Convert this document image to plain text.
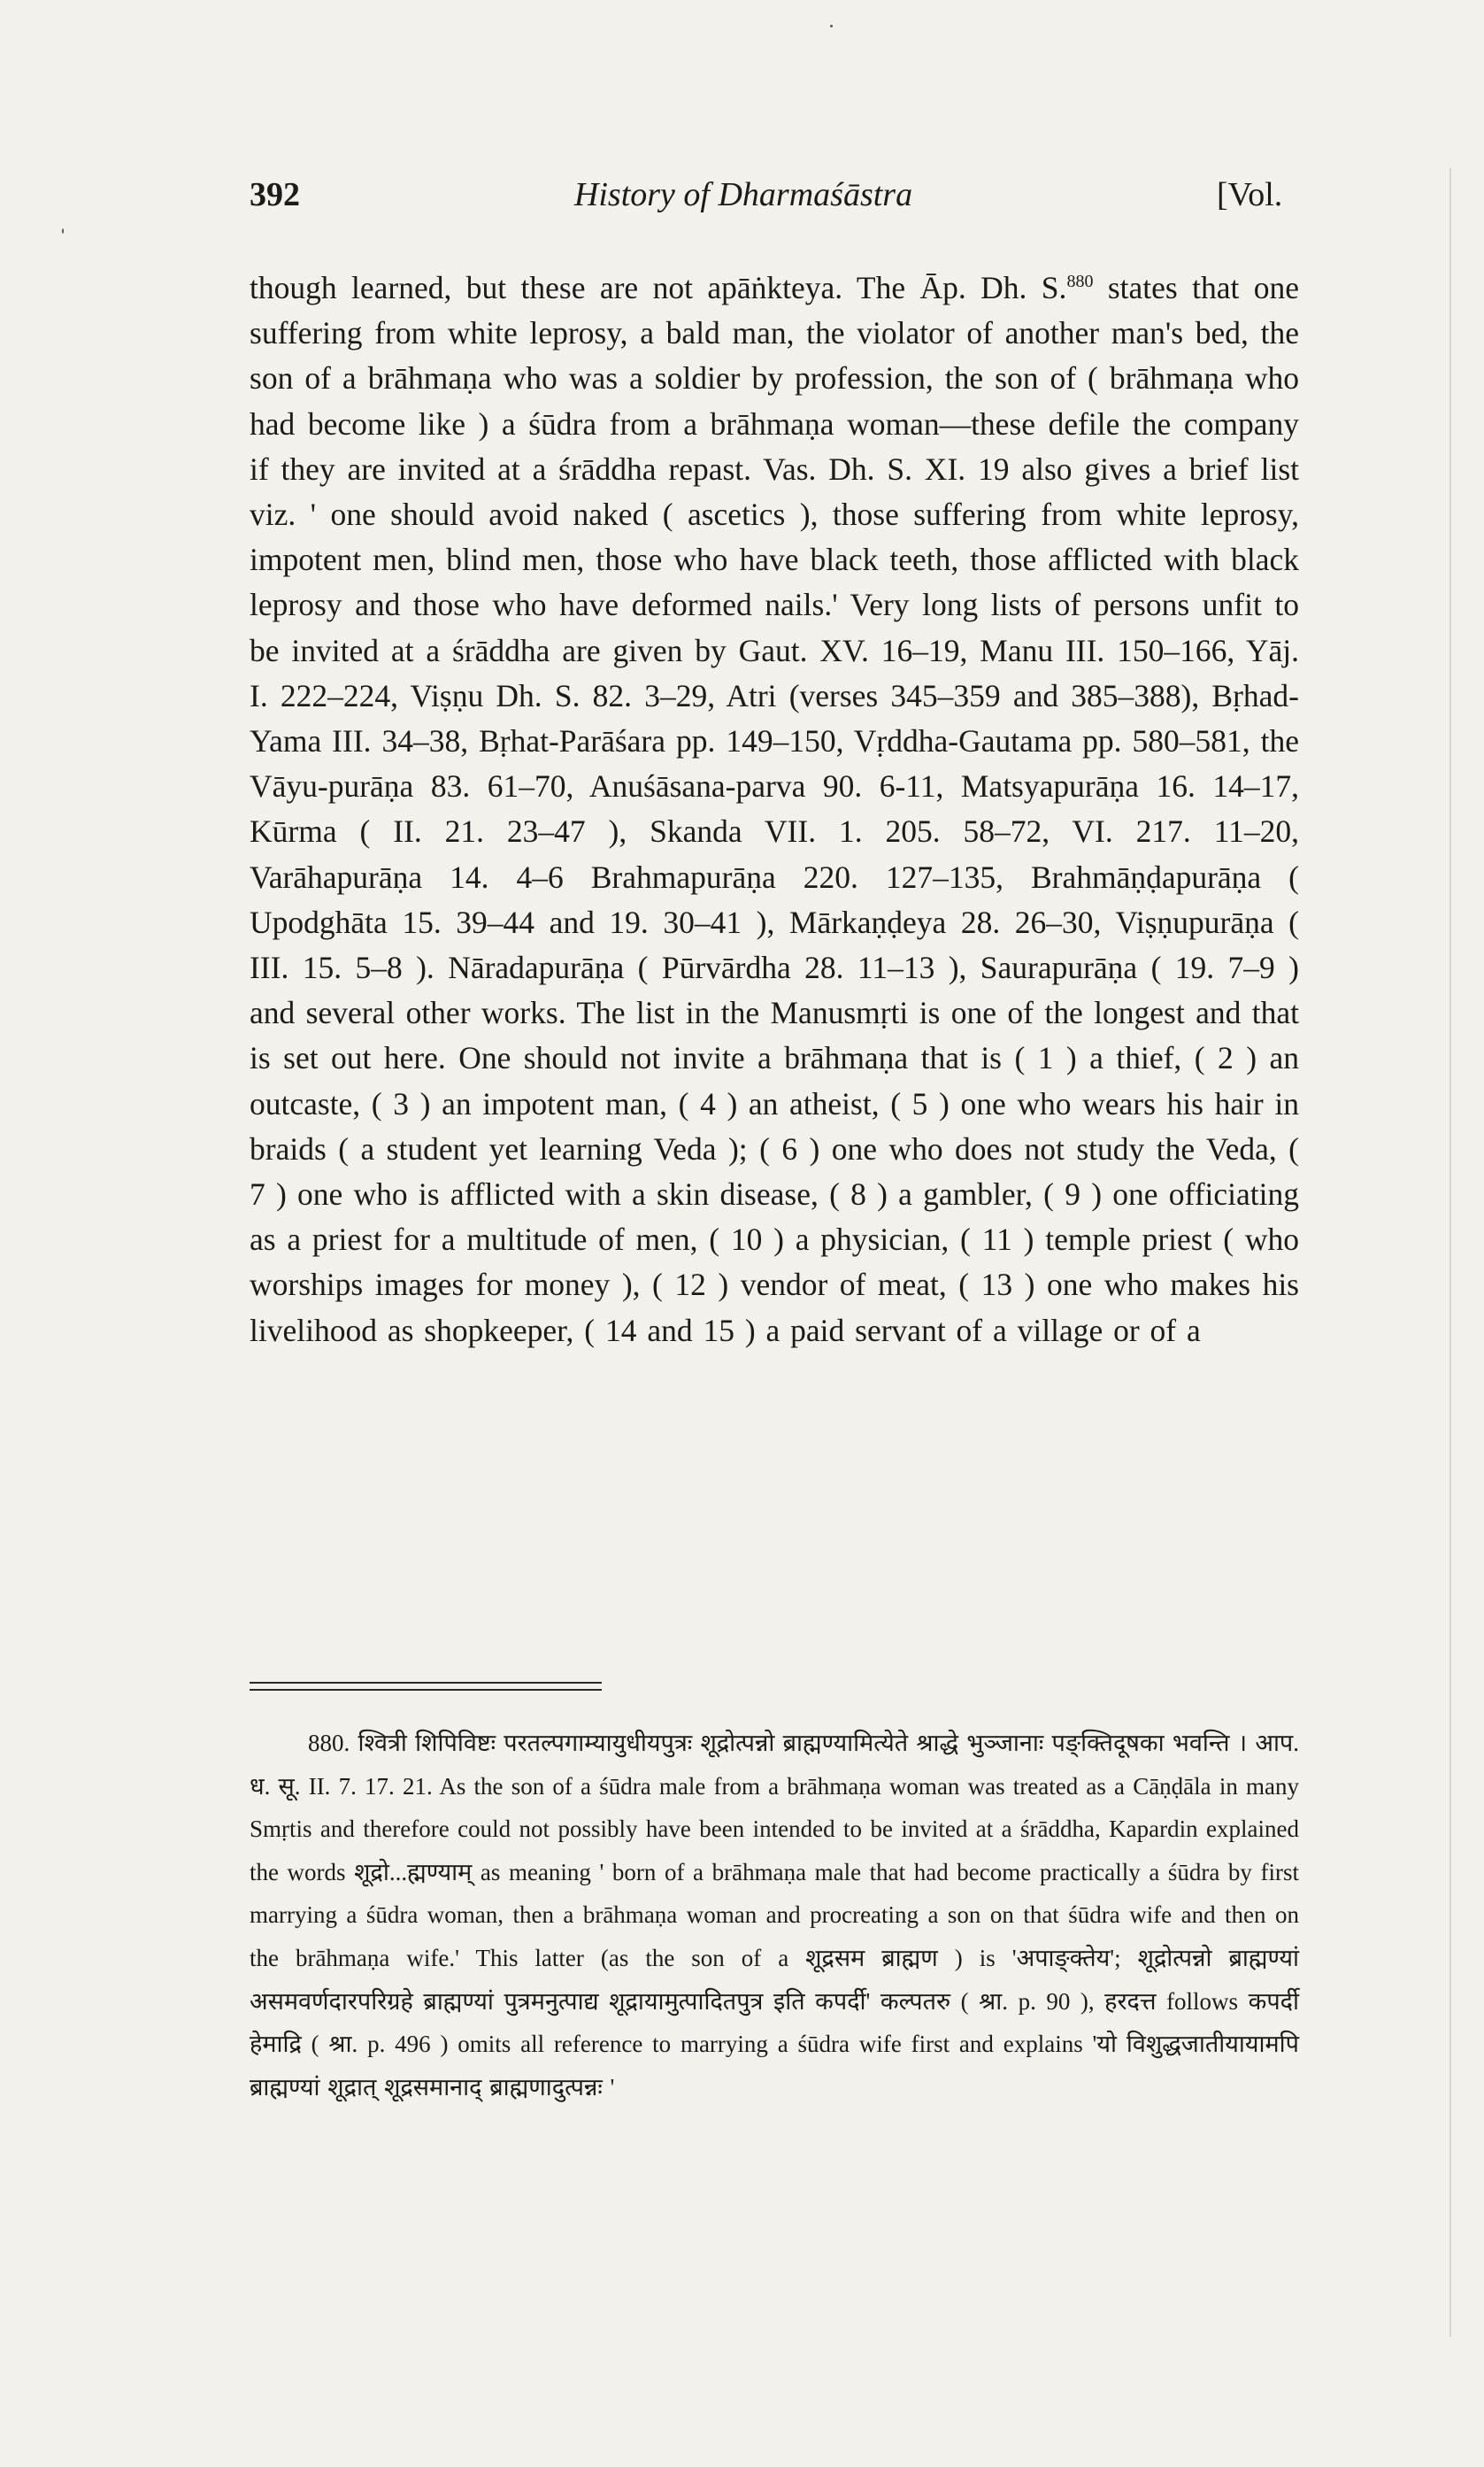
392	History of Dharmaśāstra	[Vol.
though learned, but these are not apāṅkteya. The Āp. Dh. S.$^{880}$ states that one suffering from white leprosy, a bald man, the violator of another man's bed, the son of a brāhmaṇa who was a soldier by profession, the son of ( brāhmaṇa who had become like ) a śūdra from a brāhmaṇa woman—these defile the company if they are invited at a śrāddha repast. Vas. Dh. S. XI. 19 also gives a brief list viz. ' one should avoid naked ( ascetics ), those suffering from white leprosy, impotent men, blind men, those who have black teeth, those afflicted with black leprosy and those who have deformed nails.' Very long lists of persons unfit to be invited at a śrāddha are given by Gaut. XV. 16–19, Manu III. 150–166, Yāj. I. 222–224, Viṣṇu Dh. S. 82. 3–29, Atri (verses 345–359 and 385–388), Bṛhad-Yama III. 34–38, Bṛhat-Parāśara pp. 149–150, Vṛddha-Gautama pp. 580–581, the Vāyu-purāṇa 83. 61–70, Anuśāsana-parva 90. 6-11, Matsyapurāṇa 16. 14–17, Kūrma ( II. 21. 23–47 ), Skanda VII. 1. 205. 58–72, VI. 217. 11–20, Varāhapurāṇa 14. 4–6 Brahmapurāṇa 220. 127–135, Brahmāṇḍapurāṇa ( Upodghāta 15. 39–44 and 19. 30–41 ), Mārkaṇḍeya 28. 26–30, Viṣṇupurāṇa ( III. 15. 5–8 ). Nāradapurāṇa ( Pūrvārdha 28. 11–13 ), Saurapurāṇa ( 19. 7–9 ) and several other works. The list in the Manusmṛti is one of the longest and that is set out here. One should not invite a brāhmaṇa that is ( 1 ) a thief, ( 2 ) an outcaste, ( 3 ) an impotent man, ( 4 ) an atheist, ( 5 ) one who wears his hair in braids ( a student yet learning Veda ); ( 6 ) one who does not study the Veda, ( 7 ) one who is afflicted with a skin disease, ( 8 ) a gambler, ( 9 ) one officiating as a priest for a multitude of men, ( 10 ) a physician, ( 11 ) temple priest ( who worships images for money ), ( 12 ) vendor of meat, ( 13 ) one who makes his livelihood as shopkeeper, ( 14 and 15 ) a paid servant of a village or of a
880. श्वित्री शिपिविष्टः परतल्पगाम्यायुधीयपुत्रः शूद्रोत्पन्नो ब्राह्मण्यामित्येते श्राद्धे भुञ्जानाः पङ्क्तिदूषका भवन्ति । आप. ध. सू. II. 7. 17. 21. As the son of a śūdra male from a brāhmaṇa woman was treated as a Cāṇḍāla in many Smṛtis and therefore could not possibly have been intended to be invited at a śrāddha, Kapardin explained the words शूद्रो...ह्मण्याम् as meaning ' born of a brāhmaṇa male that had become practically a śūdra by first marrying a śūdra woman, then a brāhmaṇa woman and procreating a son on that śūdra wife and then on the brāhmaṇa wife.' This latter (as the son of a शूद्रसम ब्राह्मण ) is 'अपाङ्क्तेय'; शूद्रोत्पन्नो ब्राह्मण्यां असमवर्णदारपरिग्रहे ब्राह्मण्यां पुत्रमनुत्पाद्य शूद्रायामुत्पादितपुत्र इति कपर्दी' कल्पतरु ( श्रा. p. 90 ), हरदत्त follows कपर्दी हेमाद्रि ( श्रा. p. 496 ) omits all reference to marrying a śūdra wife first and explains 'यो विशुद्धजातीयायामपि ब्राह्मण्यां शूद्रात् शूद्रसमानाद् ब्राह्मणादुत्पन्नः '
